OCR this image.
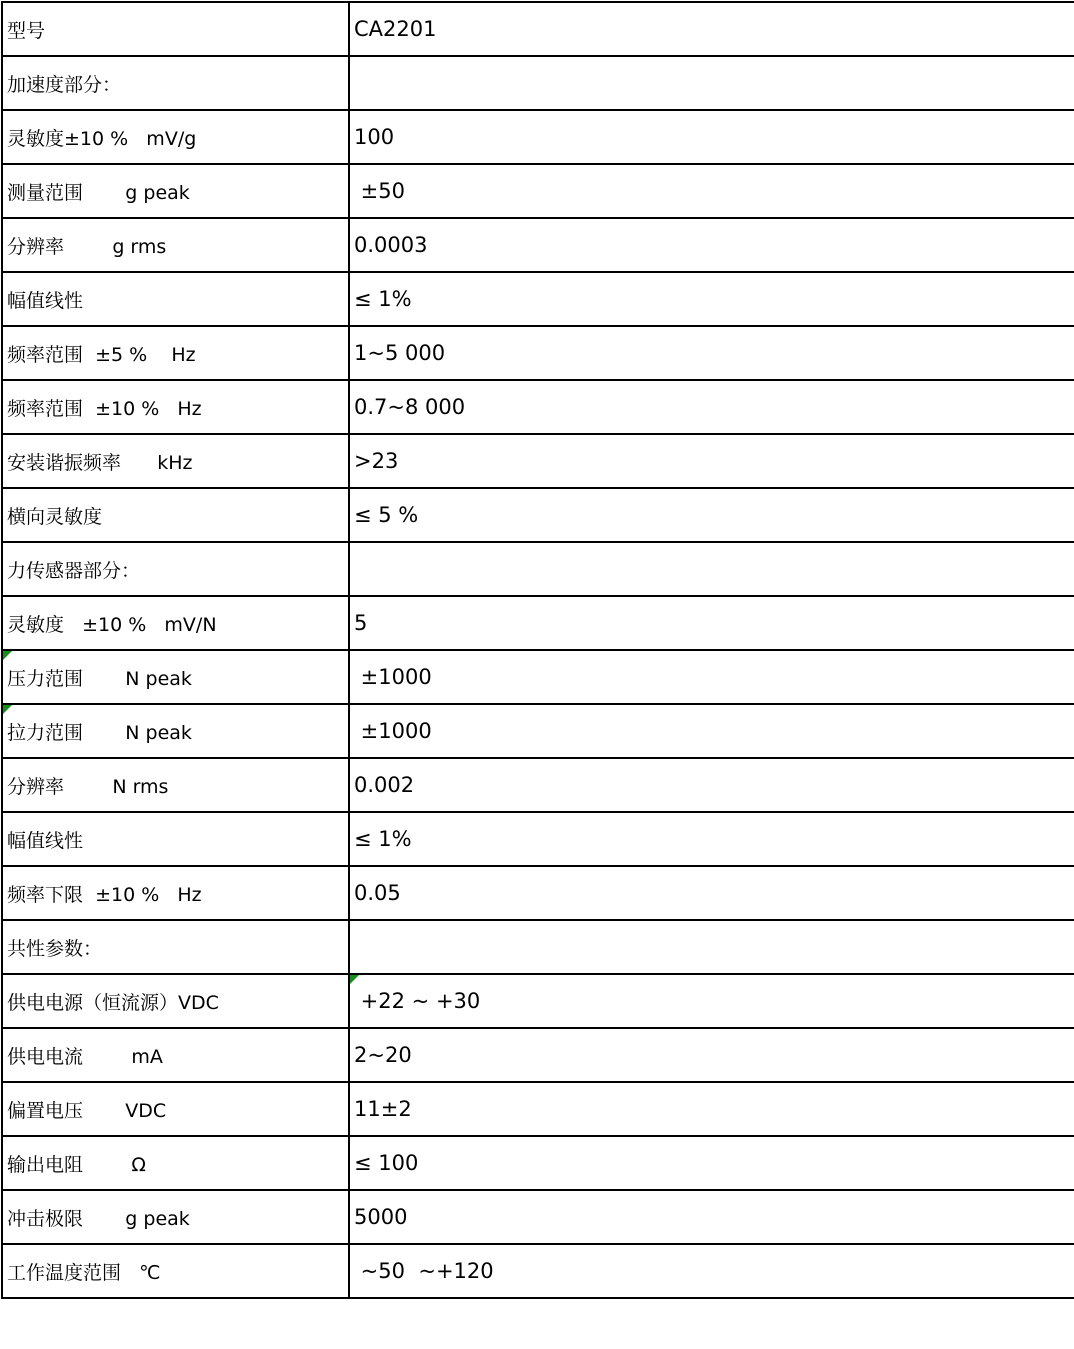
型号	CA2201
加速度部分：	
灵敏度±10 %   mV/g	100
测量范围       g peak	±50
分辨率        g rms	0.0003
幅值线性	≤ 1%
频率范围  ±5 %    Hz	1~5 000
频率范围  ±10 %   Hz	0.7~8 000
安装谐振频率      kHz	>23
横向灵敏度	≤ 5 %
力传感器部分：	
灵敏度   ±10 %   mV/N	5

压力范围       N peak	±1000

拉力范围       N peak	±1000
分辨率        N rms	0.002
幅值线性	≤ 1%
频率下限  ±10 %   Hz	0.05
共性参数：	
供电电源（恒流源）VDC	+22 ~ +30
供电电流        mA	2~20
偏置电压       VDC	11±2
输出电阻        Ω	≤ 100
冲击极限       g peak	5000
工作温度范围   ℃	~50  ~+120
